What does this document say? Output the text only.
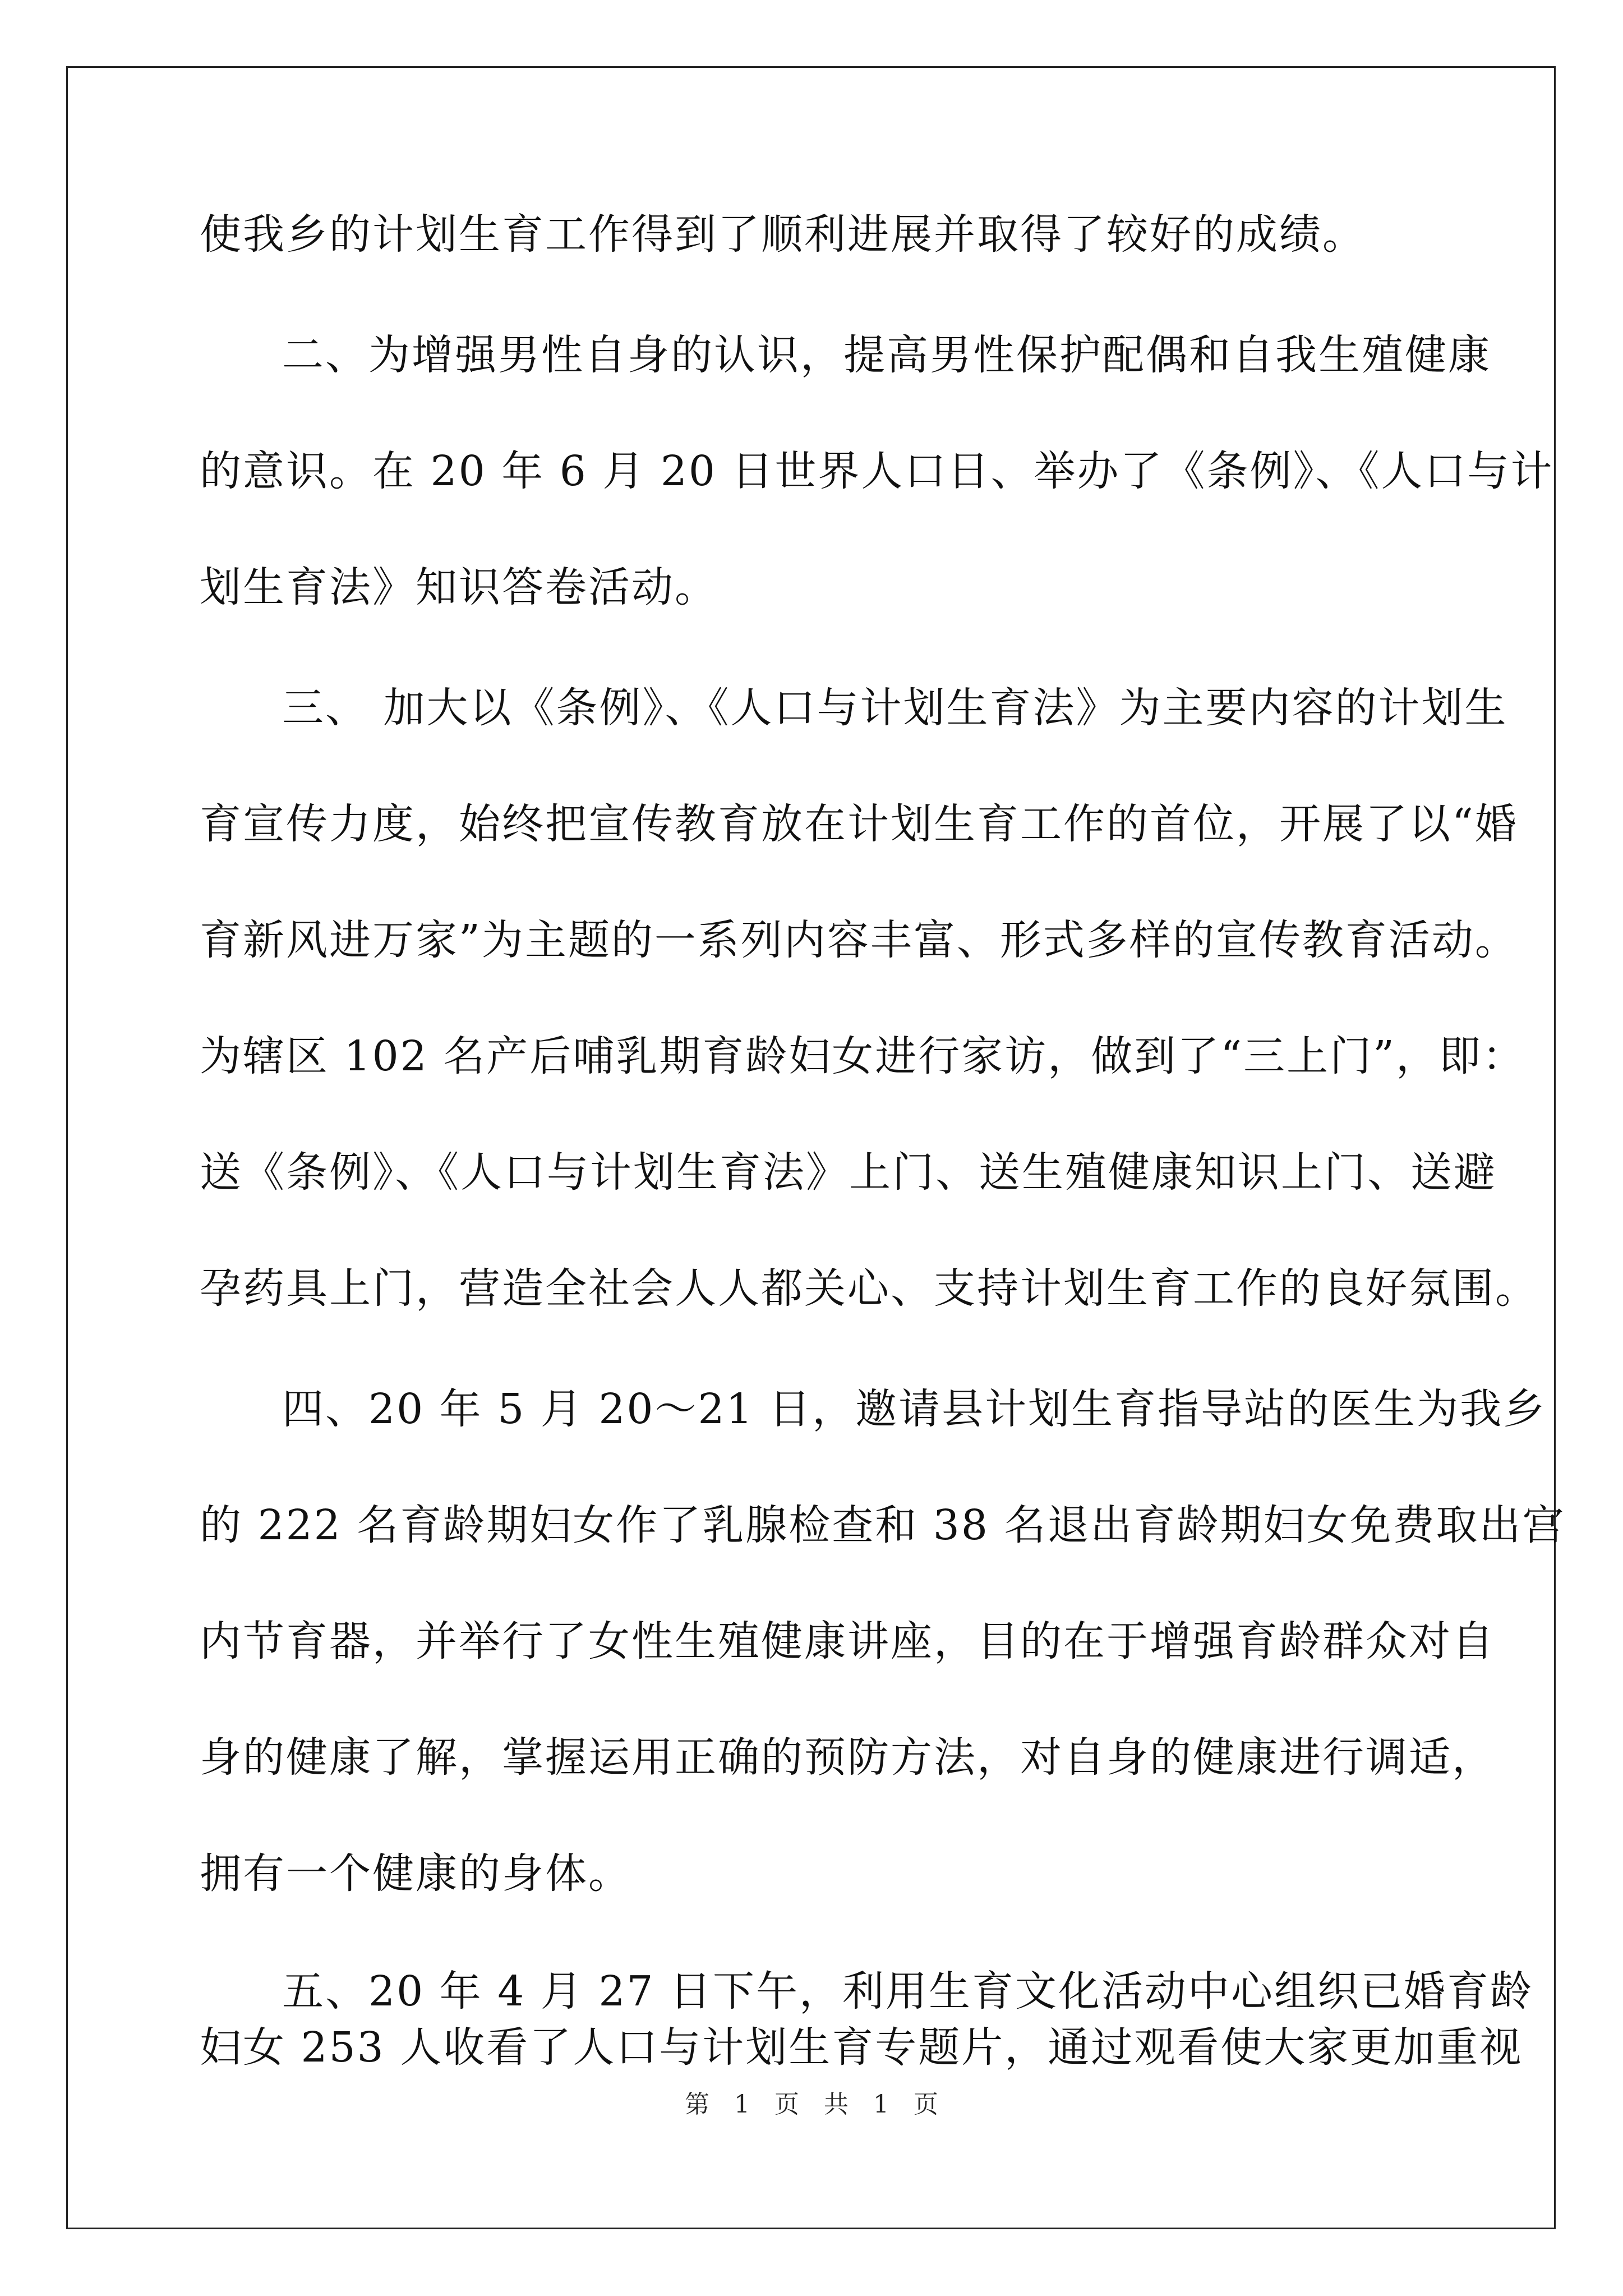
使我乡的计划生育工作得到了顺利进展并取得了较好的成绩。
二、为增强男性自身的认识，提高男性保护配偶和自我生殖健康
的意识。在 20 年 6 月 20 日世界人口日、举办了《条例》、《人口与计
划生育法》知识答卷活动。
三、 加大以《条例》、《人口与计划生育法》为主要内容的计划生
育宣传力度，始终把宣传教育放在计划生育工作的首位，开展了以“婚
育新风进万家”为主题的一系列内容丰富、形式多样的宣传教育活动。
为辖区 102 名产后哺乳期育龄妇女进行家访，做到了“三上门”，即：
送《条例》、《人口与计划生育法》上门、送生殖健康知识上门、送避
孕药具上门，营造全社会人人都关心、支持计划生育工作的良好氛围。
四、20 年 5 月 20～21 日，邀请县计划生育指导站的医生为我乡
的 222 名育龄期妇女作了乳腺检查和 38 名退出育龄期妇女免费取出宫
内节育器，并举行了女性生殖健康讲座，目的在于增强育龄群众对自
身的健康了解，掌握运用正确的预防方法，对自身的健康进行调适，
拥有一个健康的身体。
五、20 年 4 月 27 日下午，利用生育文化活动中心组织已婚育龄
妇女 253 人收看了人口与计划生育专题片，通过观看使大家更加重视
第 1 页 共 1 页
